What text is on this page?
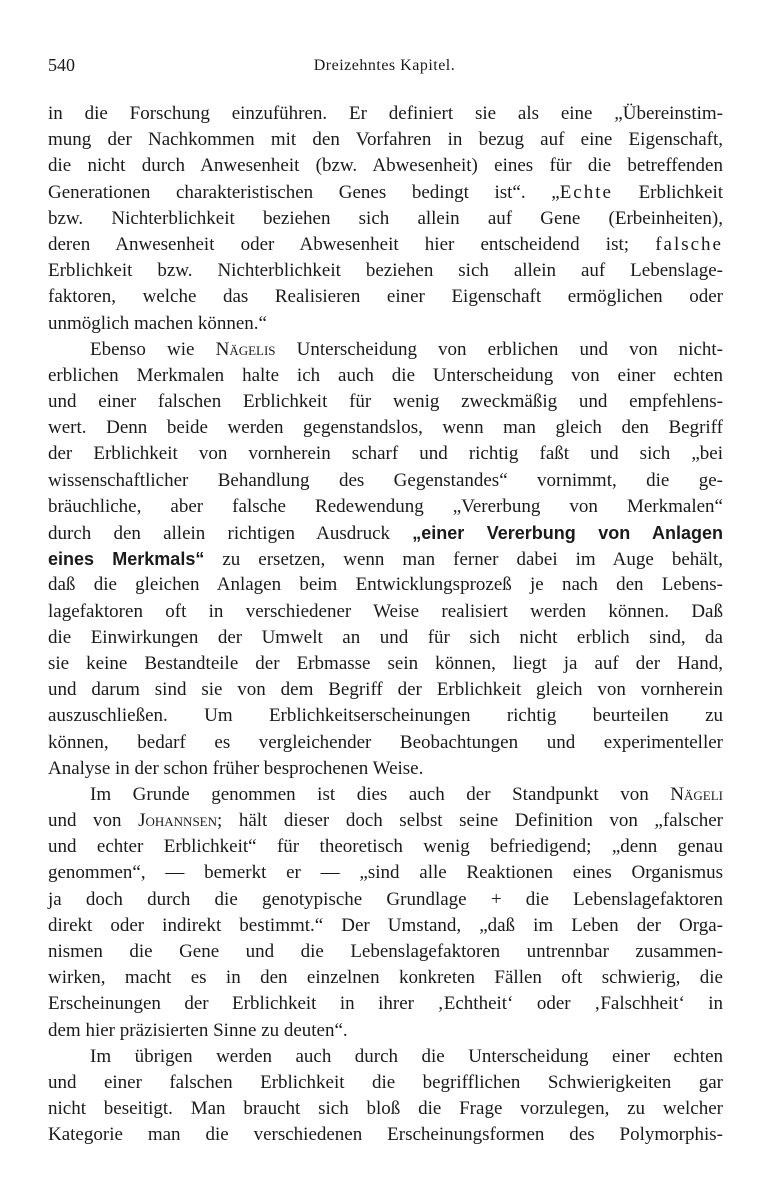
540	Dreizehntes Kapitel.
in die Forschung einzuführen. Er definiert sie als eine „Übereinstim-
mung der Nachkommen mit den Vorfahren in bezug auf eine Eigenschaft,
die nicht durch Anwesenheit (bzw. Abwesenheit) eines für die betreffenden
Generationen charakteristischen Genes bedingt ist“. „Echte Erblichkeit
bzw. Nichterblichkeit beziehen sich allein auf Gene (Erbeinheiten),
deren Anwesenheit oder Abwesenheit hier entscheidend ist; falsche
Erblichkeit bzw. Nichterblichkeit beziehen sich allein auf Lebenslage-
faktoren, welche das Realisieren einer Eigenschaft ermöglichen oder
unmöglich machen können.“
Ebenso wie Nägelis Unterscheidung von erblichen und von nicht-
erblichen Merkmalen halte ich auch die Unterscheidung von einer echten
und einer falschen Erblichkeit für wenig zweckmäßig und empfehlens-
wert. Denn beide werden gegenstandslos, wenn man gleich den Begriff
der Erblichkeit von vornherein scharf und richtig faßt und sich „bei
wissenschaftlicher Behandlung des Gegenstandes“ vornimmt, die ge-
bräuchliche, aber falsche Redewendung „Vererbung von Merkmalen“
durch den allein richtigen Ausdruck „einer Vererbung von Anlagen
eines Merkmals“ zu ersetzen, wenn man ferner dabei im Auge behält,
daß die gleichen Anlagen beim Entwicklungsprozeß je nach den Lebens-
lagefaktoren oft in verschiedener Weise realisiert werden können. Daß
die Einwirkungen der Umwelt an und für sich nicht erblich sind, da
sie keine Bestandteile der Erbmasse sein können, liegt ja auf der Hand,
und darum sind sie von dem Begriff der Erblichkeit gleich von vornherein
auszuschließen. Um Erblichkeitserscheinungen richtig beurteilen zu
können, bedarf es vergleichender Beobachtungen und experimenteller
Analyse in der schon früher besprochenen Weise.
Im Grunde genommen ist dies auch der Standpunkt von Nägeli
und von Johannsen; hält dieser doch selbst seine Definition von „falscher
und echter Erblichkeit“ für theoretisch wenig befriedigend; „denn genau
genommen“, — bemerkt er — „sind alle Reaktionen eines Organismus
ja doch durch die genotypische Grundlage + die Lebenslagefaktoren
direkt oder indirekt bestimmt.“ Der Umstand, „daß im Leben der Orga-
nismen die Gene und die Lebenslagefaktoren untrennbar zusammen-
wirken, macht es in den einzelnen konkreten Fällen oft schwierig, die
Erscheinungen der Erblichkeit in ihrer ‚Echtheit‘ oder ‚Falschheit‘ in
dem hier präzisierten Sinne zu deuten“.
Im übrigen werden auch durch die Unterscheidung einer echten
und einer falschen Erblichkeit die begrifflichen Schwierigkeiten gar
nicht beseitigt. Man braucht sich bloß die Frage vorzulegen, zu welcher
Kategorie man die verschiedenen Erscheinungsformen des Polymorphis-
